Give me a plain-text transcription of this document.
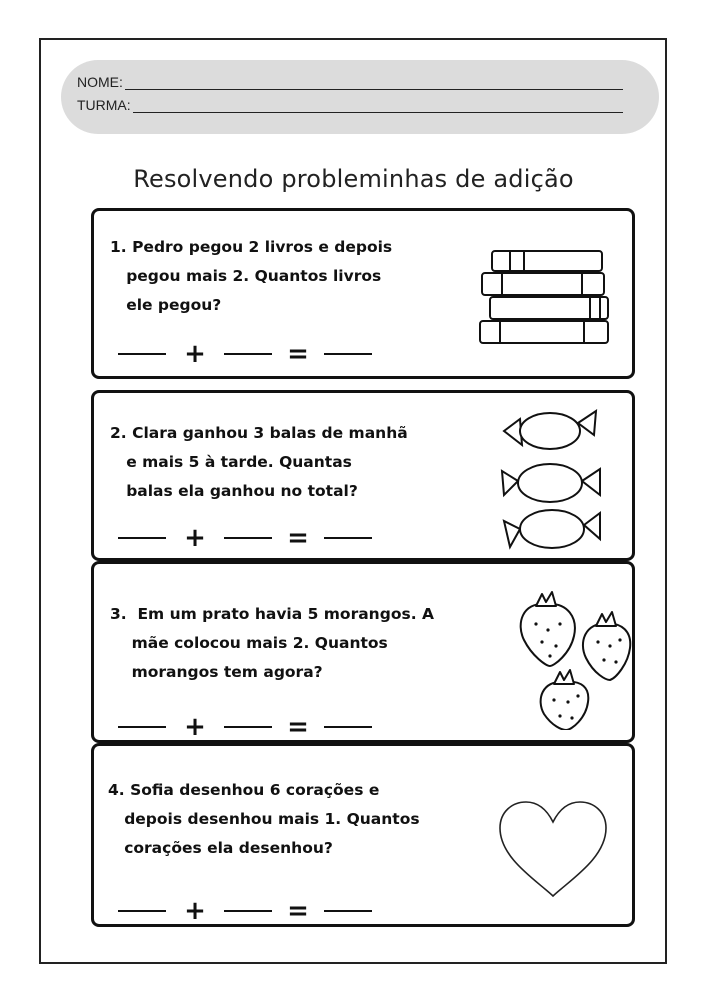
NOME:
TURMA:
Resolvendo probleminhas de adição
1. Pedro pegou 2 livros e depois
pegou mais 2. Quantos livros
ele pegou?
+	=
2. Clara ganhou 3 balas de manhã
e mais 5 à tarde. Quantas
balas ela ganhou no total?
+	=
3.  Em um prato havia 5 morangos. A
mãe colocou mais 2. Quantos
morangos tem agora?
+	=
4. Sofia desenhou 6 corações e
depois desenhou mais 1. Quantos
corações ela desenhou?
+	=
